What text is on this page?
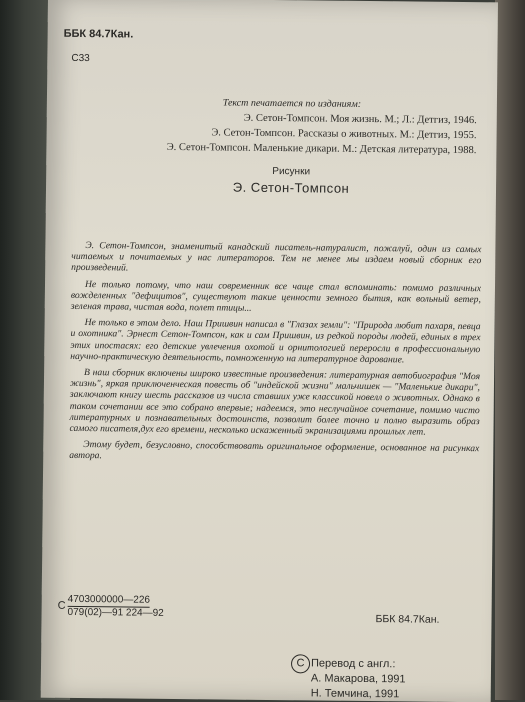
ББК 84.7Кан.
С33
Текст печатается по изданиям:
Э. Сетон-Томпсон. Моя жизнь. М.; Л.: Детгиз, 1946.
Э. Сетон-Томпсон. Рассказы о животных. М.: Детгиз, 1955.
Э. Сетон-Томпсон. Маленькие дикари. М.: Детская литература, 1988.
Рисунки
Э. Сетон-Томпсон

Э. Сетон-Томпсон, знаменитый канадский писатель-натуралист, пожалуй, один из самых читаемых и почитаемых у нас литераторов. Тем не менее мы издаем новый сборник его произведений.

Не только потому, что наш современник все чаще стал вспоминать: помимо различных вожделенных "дефицитов", существуют такие ценности земного бытия, как вольный ветер, зеленая трава, чистая вода, полет птицы...

Не только в этом дело. Наш Пришвин написал в "Глазах земли": "Природа любит пахаря, певца и охотника". Эрнест Сетон-Томпсон, как и сам Пришвин, из редкой породы людей, единых в трех этих ипостасях: его детские увлечения охотой и орнитологией переросли в профессиональную научно-практическую деятельность, помноженную на литературное дарование.

В наш сборник включены широко известные произведения: литературная автобиография "Моя жизнь", яркая приключенческая повесть об "индейской жизни" мальчишек — "Маленькие дикари", заключают книгу шесть рассказов из числа ставших уже классикой новелл о животных. Однако в таком сочетании все это собрано впервые; надеемся, это неслучайное сочетание, помимо чисто литературных и познавательных достоинств, позволит более точно и полно выразить образ самого писателя,дух его времени, несколько искаженный экранизациями прошлых лет.

Этому будет, безусловно, способствовать оригинальное оформление, основанное на рисунках автора.

С 4703000000—226
079(02)—91 224—92
ББК 84.7Кан.
С Перевод с англ.:
А. Макарова, 1991
Н. Темчина, 1991
